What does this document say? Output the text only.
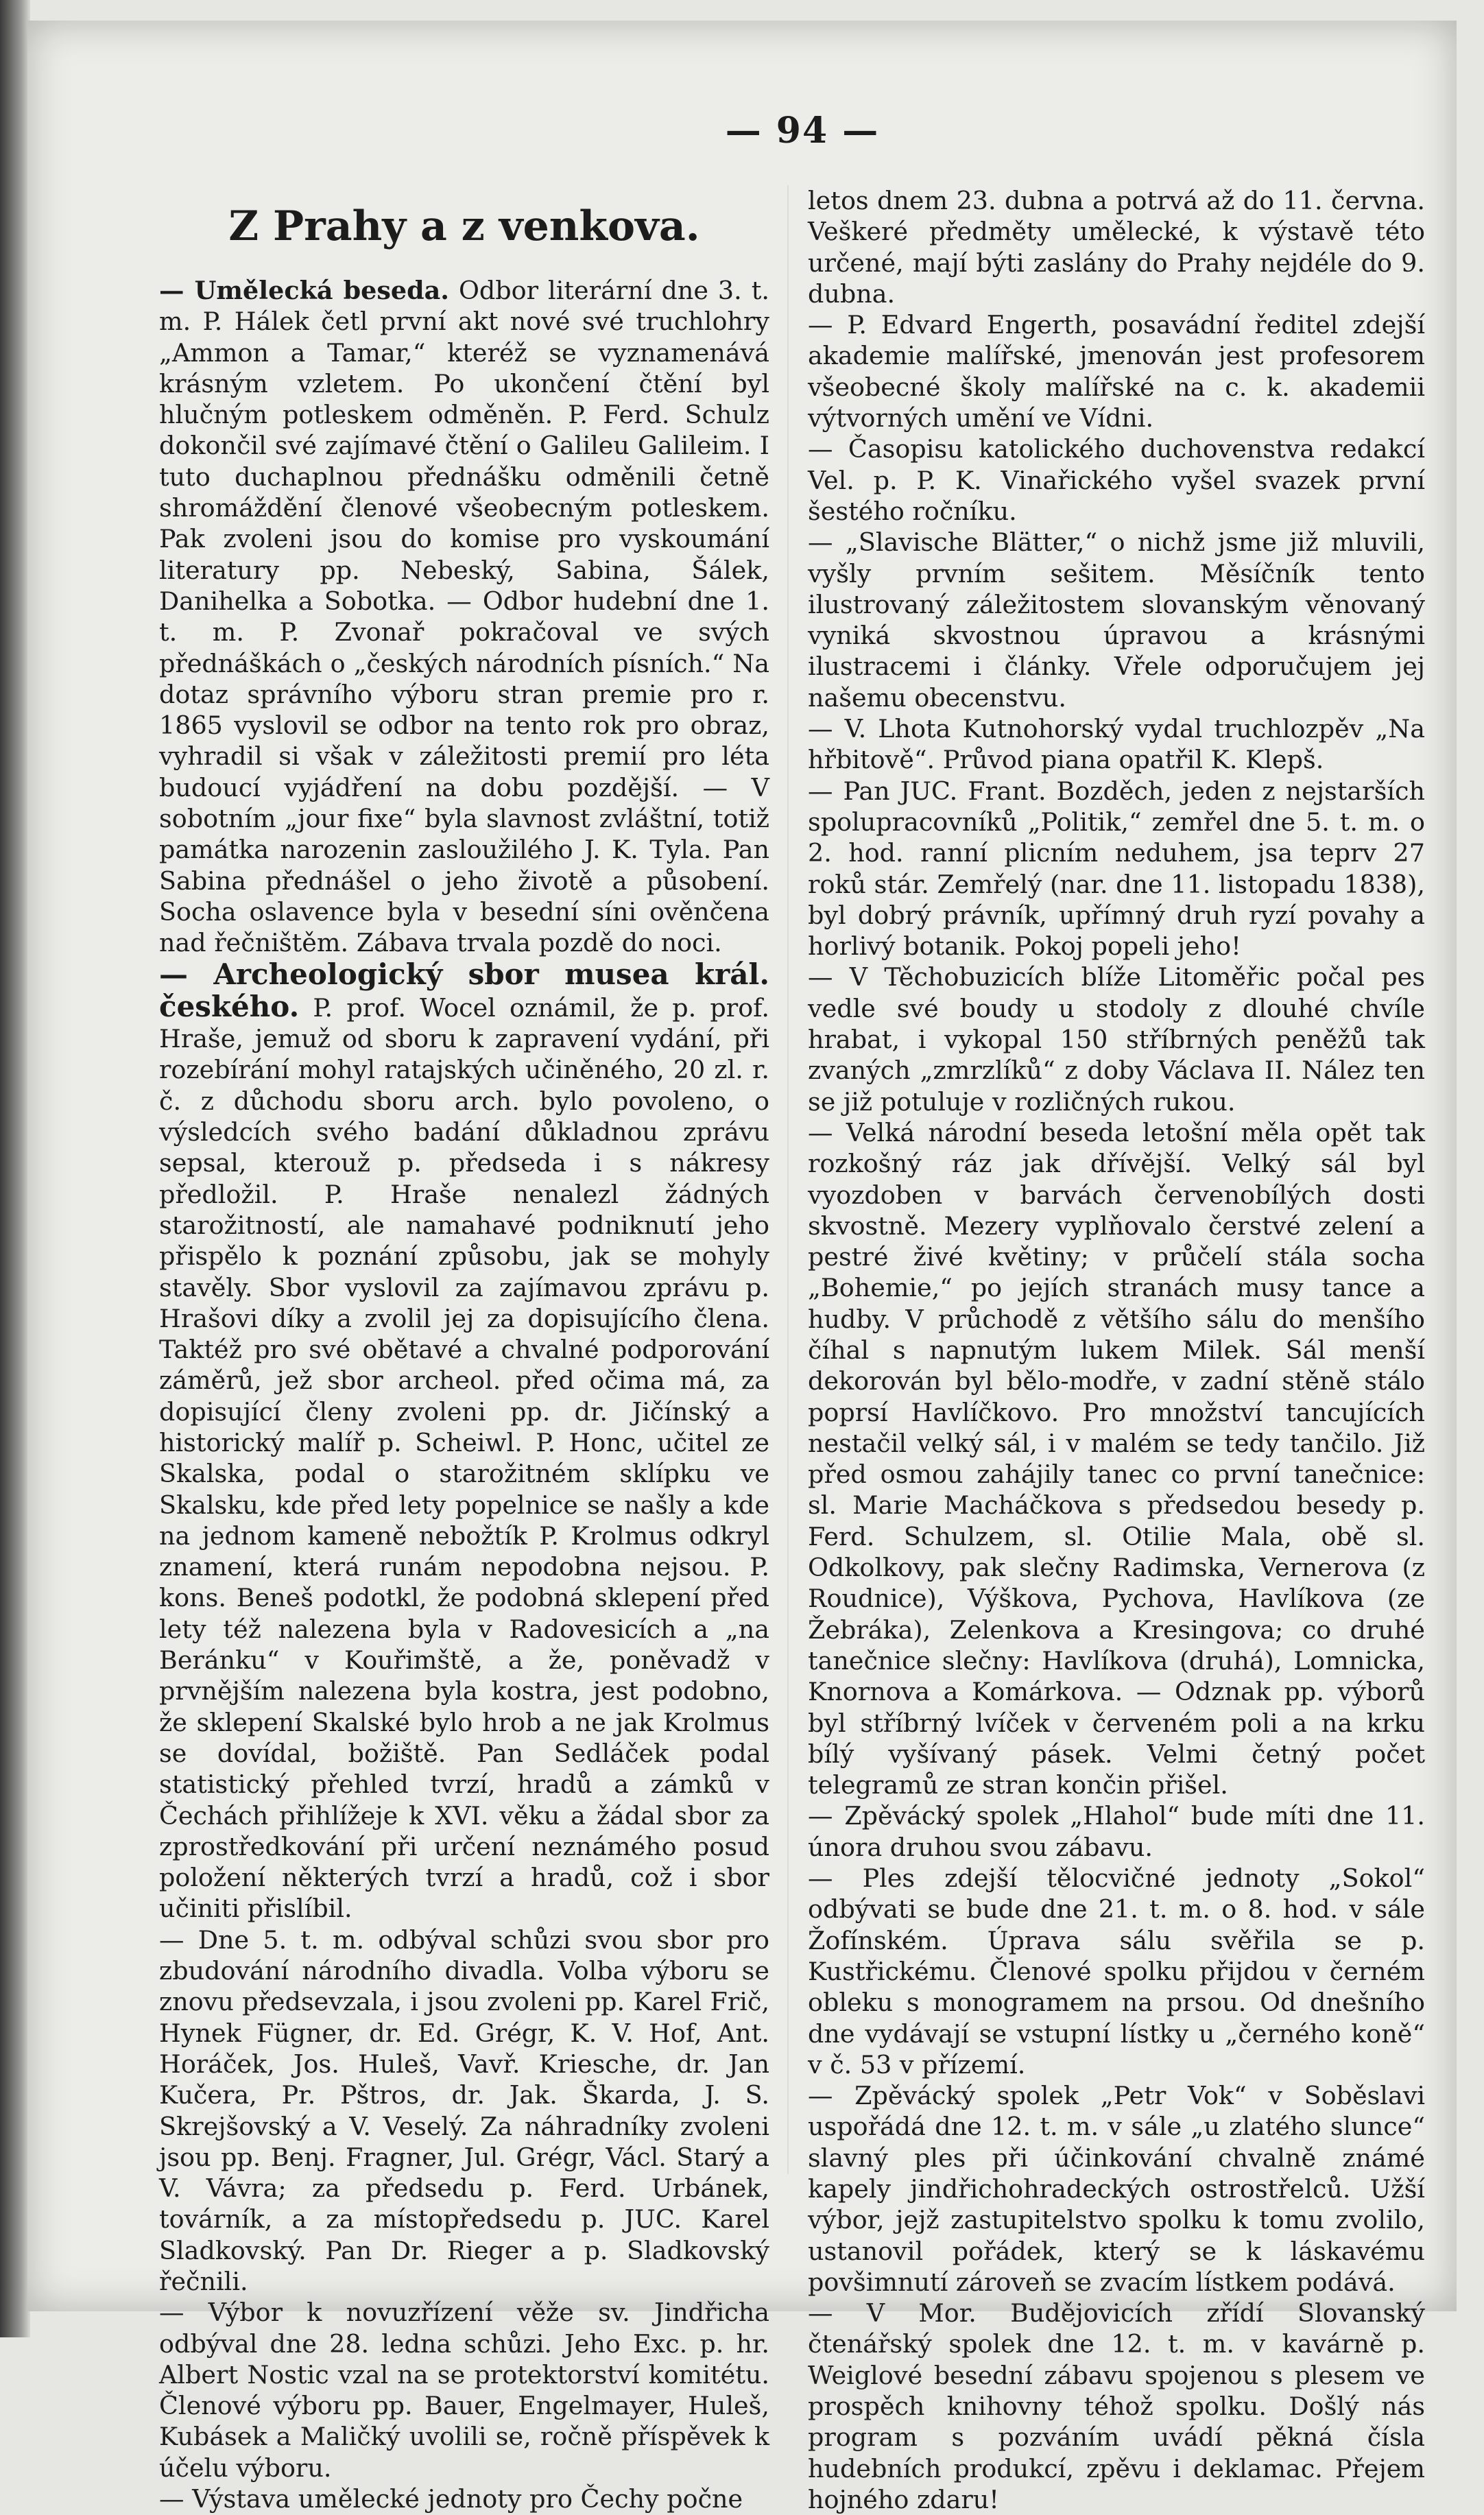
— 94 —
Z Prahy a z venkova.

— Umělecká beseda. Odbor literární dne 3. t. m. P. Hálek četl první akt nové své truchlohry „Ammon a Tamar,“ kteréž se vyznamenává krásným vzletem. Po ukončení čtění byl hlučným potleskem odměněn. P. Ferd. Schulz dokončil své zajímavé čtění o Galileu Galileim. I tuto duchaplnou přednášku odměnili četně shromáždění členové všeobecným potleskem. Pak zvoleni jsou do komise pro vyskoumání literatury pp. Nebeský, Sabina, Šálek, Danihelka a Sobotka. — Odbor hudební dne 1. t. m. P. Zvonař pokračoval ve svých přednáškách o „českých národních písních.“ Na dotaz správního výboru stran premie pro r. 1865 vyslovil se odbor na tento rok pro obraz, vyhradil si však v záležitosti premií pro léta budoucí vyjádření na dobu pozdější. — V sobotním „jour fixe“ byla slavnost zvláštní, totiž památka narozenin zasloužilého J. K. Tyla. Pan Sabina přednášel o jeho životě a působení. Socha oslavence byla v besední síni ověnčena nad řečništěm. Zábava trvala pozdě do noci.

— Archeologický sbor musea král. českého. P. prof. Wocel oznámil, že p. prof. Hraše, jemuž od sboru k zapravení vydání, při rozebírání mohyl ratajských učiněného, 20 zl. r. č. z důchodu sboru arch. bylo povoleno, o výsledcích svého badání důkladnou zprávu sepsal, kterouž p. předseda i s nákresy předložil. P. Hraše nenalezl žádných starožitností, ale namahavé podniknutí jeho přispělo k poznání způsobu, jak se mohyly stavěly. Sbor vyslovil za zajímavou zprávu p. Hrašovi díky a zvolil jej za dopisujícího člena. Taktéž pro své obětavé a chvalné podporování záměrů, jež sbor archeol. před očima má, za dopisující členy zvoleni pp. dr. Jičínský a historický malíř p. Scheiwl. P. Honc, učitel ze Skalska, podal o starožitném sklípku ve Skalsku, kde před lety popelnice se našly a kde na jednom kameně nebožtík P. Krolmus odkryl znamení, která runám nepodobna nejsou. P. kons. Beneš podotkl, že podobná sklepení před lety též nalezena byla v Radovesicích a „na Beránku“ v Kouřimště, a že, poněvadž v prvnějším nalezena byla kostra, jest podobno, že sklepení Skalské bylo hrob a ne jak Krolmus se dovídal, božiště. Pan Sedláček podal statistický přehled tvrzí, hradů a zámků v Čechách přihlížeje k XVI. věku a žádal sbor za zprostředkování při určení neznámého posud položení některých tvrzí a hradů, což i sbor učiniti přislíbil.

— Dne 5. t. m. odbýval schůzi svou sbor pro zbudování národního divadla. Volba výboru se znovu předsevzala, i jsou zvoleni pp. Karel Frič, Hynek Fügner, dr. Ed. Grégr, K. V. Hof, Ant. Horáček, Jos. Huleš, Vavř. Kriesche, dr. Jan Kučera, Pr. Pštros, dr. Jak. Škarda, J. S. Skrejšovský a V. Veselý. Za náhradníky zvoleni jsou pp. Benj. Fragner, Jul. Grégr, Václ. Starý a V. Vávra; za předsedu p. Ferd. Urbánek, továrník, a za místopředsedu p. JUC. Karel Sladkovský. Pan Dr. Rieger a p. Sladkovský řečnili.

— Výbor k novuzřízení věže sv. Jindřicha odbýval dne 28. ledna schůzi. Jeho Exc. p. hr. Albert Nostic vzal na se protektorství komitétu. Členové výboru pp. Bauer, Engelmayer, Huleš, Kubásek a Maličký uvolili se, ročně příspěvek k účelu výboru.

— Výstava umělecké jednoty pro Čechy počne

letos dnem 23. dubna a potrvá až do 11. června. Veškeré předměty umělecké, k výstavě této určené, mají býti zaslány do Prahy nejdéle do 9. dubna.

— P. Edvard Engerth, posavádní ředitel zdejší akademie malířské, jmenován jest profesorem všeobecné školy malířské na c. k. akademii výtvorných umění ve Vídni.

— Časopisu katolického duchovenstva redakcí Vel. p. P. K. Vinařického vyšel svazek první šestého ročníku.

— „Slavische Blätter,“ o nichž jsme již mluvili, vyšly prvním sešitem. Měsíčník tento ilustrovaný záležitostem slovanským věnovaný vyniká skvostnou úpravou a krásnými ilustracemi i články. Vřele odporučujem jej našemu obecenstvu.

— V. Lhota Kutnohorský vydal truchlozpěv „Na hřbitově“. Průvod piana opatřil K. Klepš.

— Pan JUC. Frant. Bozděch, jeden z nejstarších spolupracovníků „Politik,“ zemřel dne 5. t. m. o 2. hod. ranní plicním neduhem, jsa teprv 27 roků stár. Zemřelý (nar. dne 11. listopadu 1838), byl dobrý právník, upřímný druh ryzí povahy a horlivý botanik. Pokoj popeli jeho!

— V Těchobuzicích blíže Litoměřic počal pes vedle své boudy u stodoly z dlouhé chvíle hrabat, i vykopal 150 stříbrných peněžů tak zvaných „zmrzlíků“ z doby Václava II. Nález ten se již potuluje v rozličných rukou.

— Velká národní beseda letošní měla opět tak rozkošný ráz jak dřívější. Velký sál byl vyozdoben v barvách červenobílých dosti skvostně. Mezery vyplňovalo čerstvé zelení a pestré živé květiny; v průčelí stála socha „Bohemie,“ po jejích stranách musy tance a hudby. V průchodě z většího sálu do menšího číhal s napnutým lukem Milek. Sál menší dekorován byl bělo-modře, v zadní stěně stálo poprsí Havlíčkovo. Pro množství tancujících nestačil velký sál, i v malém se tedy tančilo. Již před osmou zahájily tanec co první tanečnice: sl. Marie Macháčkova s předsedou besedy p. Ferd. Schulzem, sl. Otilie Mala, obě sl. Odkolkovy, pak slečny Radimska, Vernerova (z Roudnice), Výškova, Pychova, Havlíkova (ze Žebráka), Zelenkova a Kresingova; co druhé tanečnice slečny: Havlíkova (druhá), Lomnicka, Knornova a Komárkova. — Odznak pp. výborů byl stříbrný lvíček v červeném poli a na krku bílý vyšívaný pásek. Velmi četný počet telegramů ze stran končin přišel.

— Zpěvácký spolek „Hlahol“ bude míti dne 11. února druhou svou zábavu.

— Ples zdejší tělocvičné jednoty „Sokol“ odbývati se bude dne 21. t. m. o 8. hod. v sále Žofínském. Úprava sálu svěřila se p. Kustřickému. Členové spolku přijdou v černém obleku s monogramem na prsou. Od dnešního dne vydávají se vstupní lístky u „černého koně“ v č. 53 v přízemí.

— Zpěvácký spolek „Petr Vok“ v Soběslavi uspořádá dne 12. t. m. v sále „u zlatého slunce“ slavný ples při účinkování chvalně známé kapely jindřichohradeckých ostrostřelců. Užší výbor, jejž zastupitelstvo spolku k tomu zvolilo, ustanovil pořádek, který se k láskavému povšimnutí zároveň se zvacím lístkem podává.

— V Mor. Budějovicích zřídí Slovanský čtenářský spolek dne 12. t. m. v kavárně p. Weiglové besední zábavu spojenou s plesem ve prospěch knihovny téhož spolku. Došlý nás program s pozváním uvádí pěkná čísla hudebních produkcí, zpěvu i deklamac. Přejem hojného zdaru!
